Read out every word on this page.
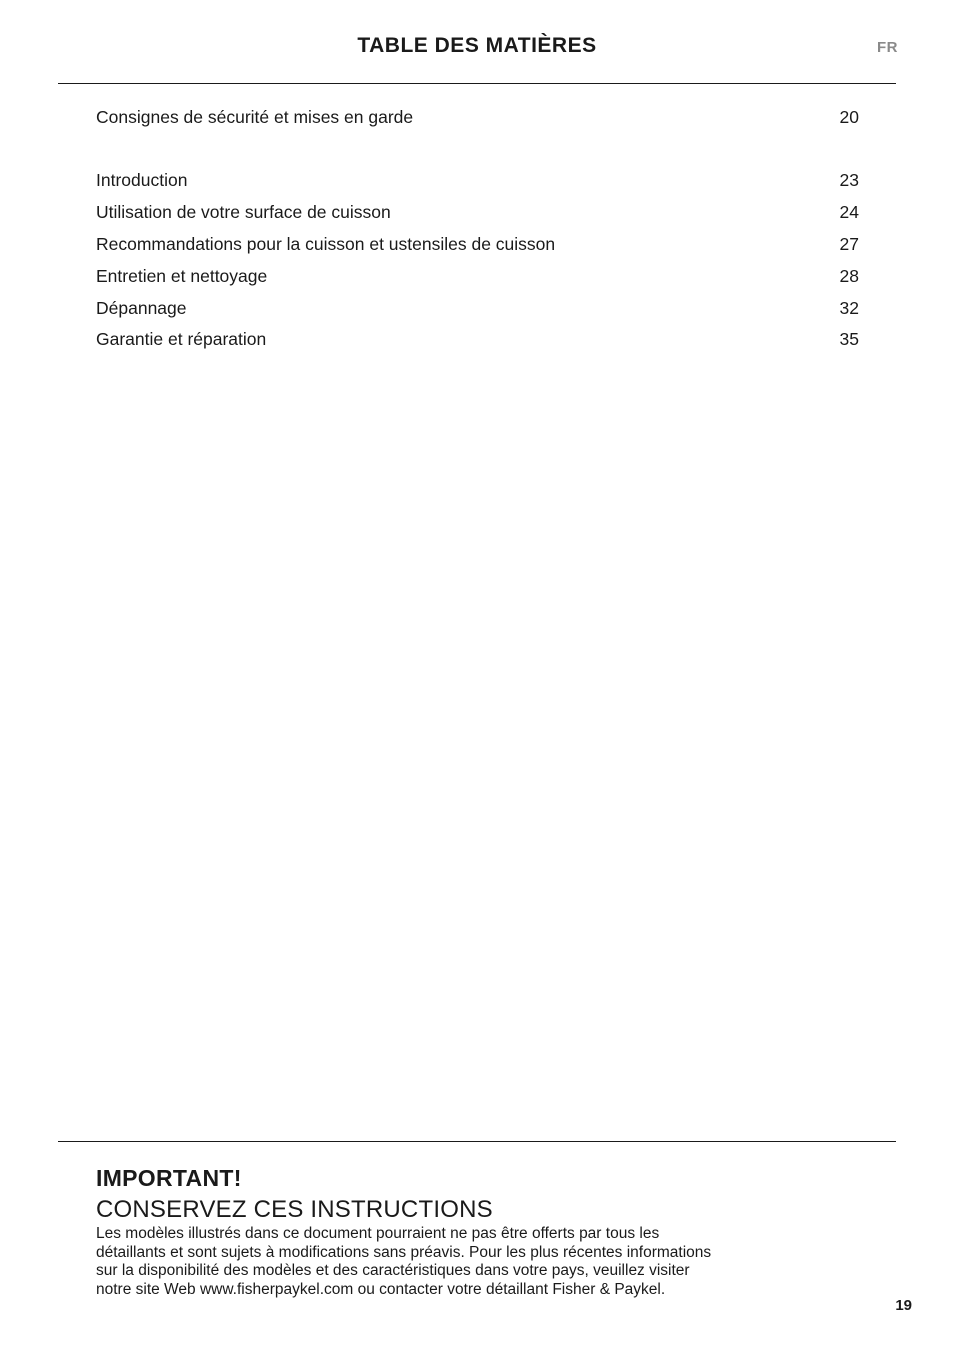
TABLE DES MATIÈRES	FR
Consignes de sécurité et mises en garde	20
Introduction	23
Utilisation de votre surface de cuisson	24
Recommandations pour la cuisson et ustensiles de cuisson	27
Entretien et nettoyage	28
Dépannage	32
Garantie et réparation	35
IMPORTANT!
CONSERVEZ CES INSTRUCTIONS
Les modèles illustrés dans ce document pourraient ne pas être offerts par tous les
détaillants et sont sujets à modifications sans préavis. Pour les plus récentes informations
sur la disponibilité des modèles et des caractéristiques dans votre pays, veuillez visiter
notre site Web www.fisherpaykel.com ou contacter votre détaillant Fisher & Paykel.
19
